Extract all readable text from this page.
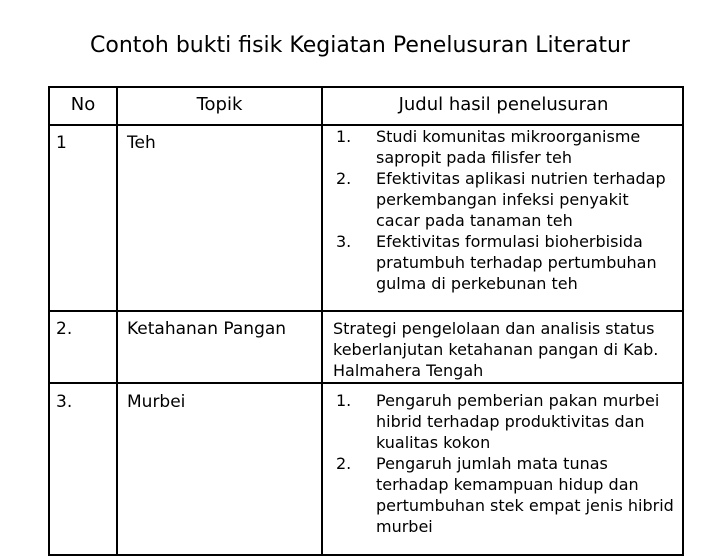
Contoh bukti fisik Kegiatan Penelusuran Literatur
No	Topik	Judul hasil penelusuran
1	Teh	1. Studi komunitas mikroorganisme sapropit pada filisfer teh
2. Efektivitas aplikasi nutrien terhadap perkembangan infeksi penyakit cacar pada tanaman teh
3. Efektivitas formulasi bioherbisida pratumbuh terhadap pertumbuhan gulma di perkebunan teh
2.	Ketahanan Pangan	Strategi pengelolaan dan analisis status keberlanjutan ketahanan pangan di Kab. Halmahera Tengah
3.	Murbei	1. Pengaruh pemberian pakan murbei hibrid terhadap produktivitas dan kualitas kokon
2. Pengaruh jumlah mata tunas terhadap kemampuan hidup dan pertumbuhan stek empat jenis hibrid murbei
